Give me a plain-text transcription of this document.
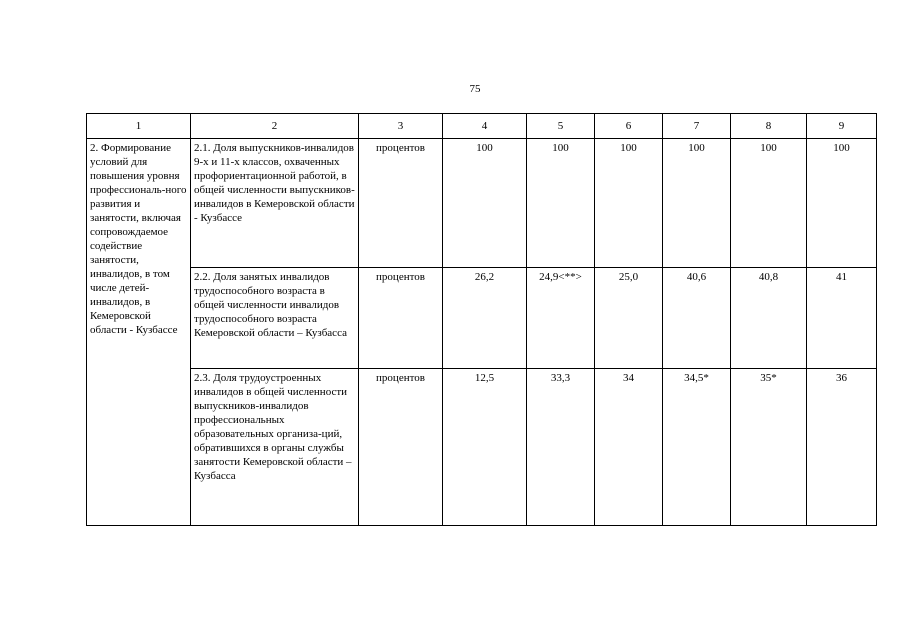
75
1	2	3	4	5	6	7	8	9
2. Формирование условий для повышения уровня профессиональ-ного развития и занятости, включая сопровождаемое содействие занятости, инвалидов, в том числе детей-инвалидов, в Кемеровской области - Кузбассе	2.1. Доля выпускников-инвалидов 9-х и 11-х классов, охваченных профориентационной работой, в общей численности выпускников-инвалидов в Кемеровской области - Кузбассе	процентов	100	100	100	100	100	100
	2.2. Доля занятых инвалидов трудоспособного возраста в общей численности инвалидов трудоспособного возраста Кемеровской области – Кузбасса	процентов	26,2	24,9<**>	25,0	40,6	40,8	41
	2.3. Доля трудоустроенных инвалидов в общей численности выпускников-инвалидов профессиональных образовательных организа-ций, обратившихся в органы службы занятости Кемеровской области – Кузбасса	процентов	12,5	33,3	34	34,5*	35*	36
